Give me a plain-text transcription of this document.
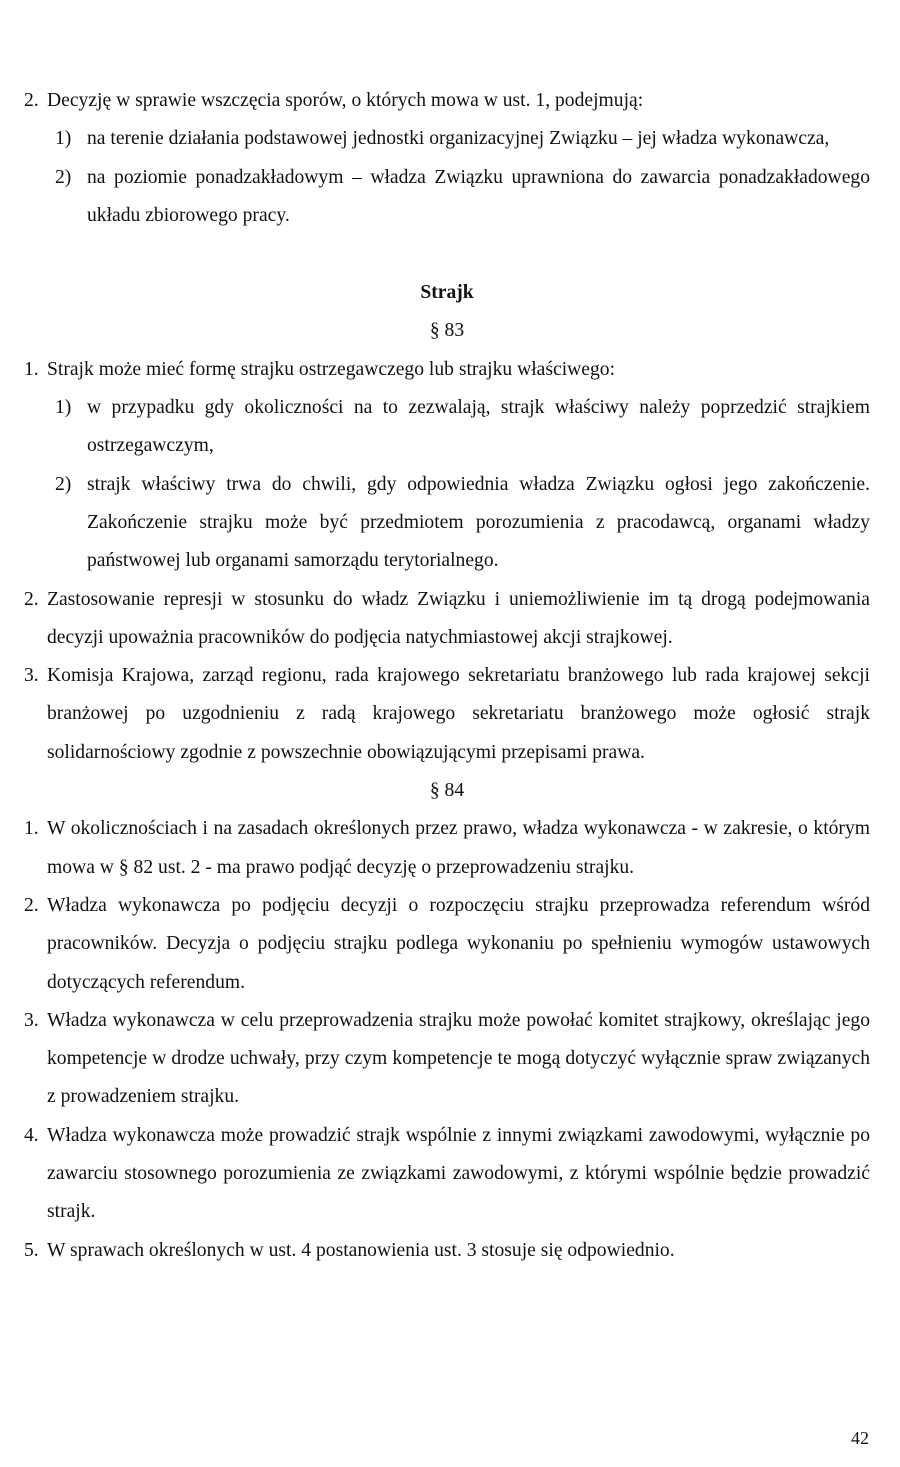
2. Decyzję w sprawie wszczęcia sporów, o których mowa w ust. 1, podejmują:
1) na terenie działania podstawowej jednostki organizacyjnej Związku – jej władza wykonawcza,
2) na poziomie ponadzakładowym – władza Związku uprawniona do zawarcia ponadzakładowego układu zbiorowego pracy.
Strajk
§ 83
1. Strajk może mieć formę strajku ostrzegawczego lub strajku właściwego:
1) w przypadku gdy okoliczności na to zezwalają, strajk właściwy należy poprzedzić strajkiem ostrzegawczym,
2) strajk właściwy trwa do chwili, gdy odpowiednia władza Związku ogłosi jego zakończenie. Zakończenie strajku może być przedmiotem porozumienia z pracodawcą, organami władzy państwowej lub organami samorządu terytorialnego.
2. Zastosowanie represji w stosunku do władz Związku i uniemożliwienie im tą drogą podejmowania decyzji upoważnia pracowników do podjęcia natychmiastowej akcji strajkowej.
3. Komisja Krajowa, zarząd regionu, rada krajowego sekretariatu branżowego lub rada krajowej sekcji branżowej po uzgodnieniu z radą krajowego sekretariatu branżowego może ogłosić strajk solidarnościowy zgodnie z powszechnie obowiązującymi przepisami prawa.
§ 84
1. W okolicznościach i na zasadach określonych przez prawo, władza wykonawcza - w zakresie, o którym mowa w § 82 ust. 2 - ma prawo podjąć decyzję o przeprowadzeniu strajku.
2. Władza wykonawcza po podjęciu decyzji o rozpoczęciu strajku przeprowadza referendum wśród pracowników. Decyzja o podjęciu strajku podlega wykonaniu po spełnieniu wymogów ustawowych dotyczących referendum.
3. Władza wykonawcza w celu przeprowadzenia strajku może powołać komitet strajkowy, określając jego kompetencje w drodze uchwały, przy czym kompetencje te mogą dotyczyć wyłącznie spraw związanych z prowadzeniem strajku.
4. Władza wykonawcza może prowadzić strajk wspólnie z innymi związkami zawodowymi, wyłącznie po zawarciu stosownego porozumienia ze związkami zawodowymi, z którymi wspólnie będzie prowadzić strajk.
5. W sprawach określonych w ust. 4 postanowienia ust. 3 stosuje się odpowiednio.
42
